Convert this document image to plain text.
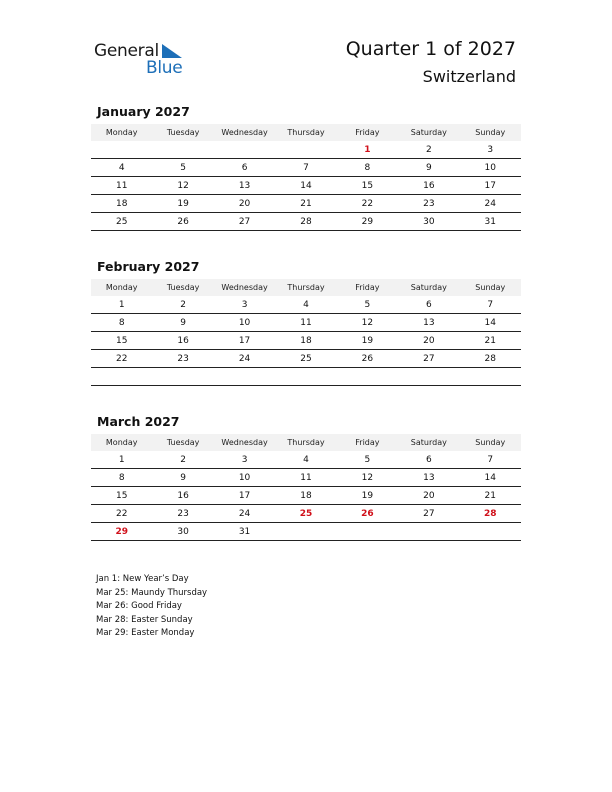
General
Blue
Quarter 1 of 2027
Switzerland
January 2027
Monday	Tuesday	Wednesday	Thursday	Friday	Saturday	Sunday
				1	2	3
4	5	6	7	8	9	10
11	12	13	14	15	16	17
18	19	20	21	22	23	24
25	26	27	28	29	30	31
February 2027
Monday	Tuesday	Wednesday	Thursday	Friday	Saturday	Sunday
1	2	3	4	5	6	7
8	9	10	11	12	13	14
15	16	17	18	19	20	21
22	23	24	25	26	27	28

March 2027
Monday	Tuesday	Wednesday	Thursday	Friday	Saturday	Sunday
1	2	3	4	5	6	7
8	9	10	11	12	13	14
15	16	17	18	19	20	21
22	23	24	25	26	27	28
29	30	31				
Jan 1: New Year’s Day
Mar 25: Maundy Thursday
Mar 26: Good Friday
Mar 28: Easter Sunday
Mar 29: Easter Monday
